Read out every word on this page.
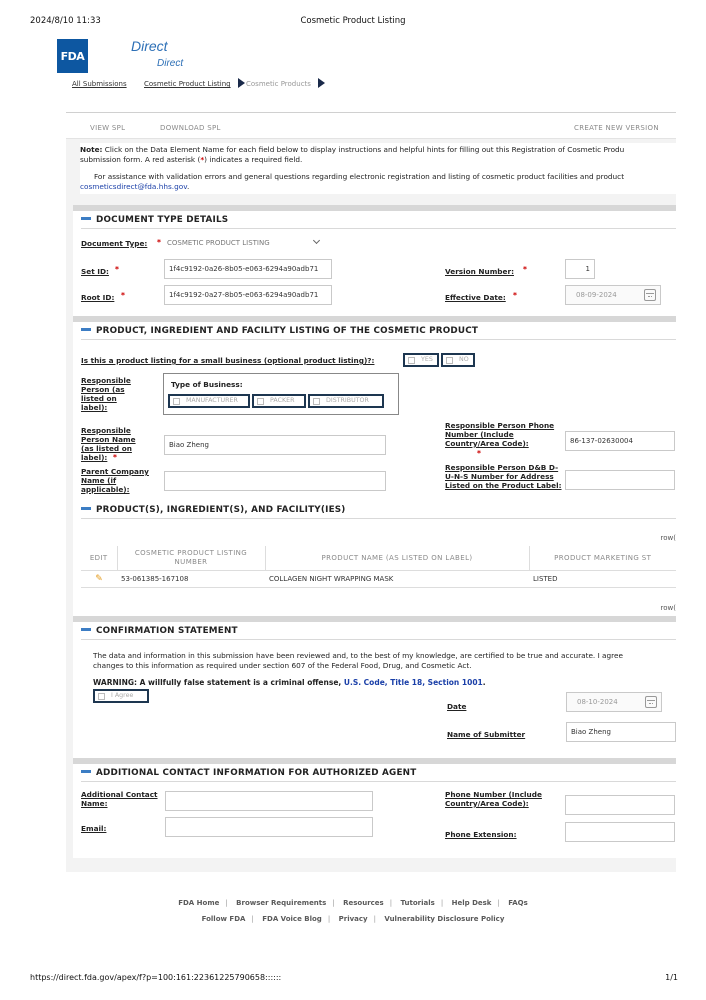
2024/8/10 11:33	Cosmetic Product Listing
FDA
Direct
Direct
All Submissions Cosmetic Product Listing Cosmetic Products
VIEW SPL	DOWNLOAD SPL	CREATE NEW VERSION
Note: Click on the Data Element Name for each field below to display instructions and helpful hints for filling out this Registration of Cosmetic Produ
submission form. A red asterisk (*) indicates a required field.
For assistance with validation errors and general questions regarding electronic registration and listing of cosmetic product facilities and product
cosmeticsdirect@fda.hhs.gov.
DOCUMENT TYPE DETAILS
Document Type: * COSMETIC PRODUCT LISTING
Set ID: *	1f4c9192-0a26-8b05-e063-6294a90adb71	Version Number: *	1
Root ID: *	1f4c9192-0a27-8b05-e063-6294a90adb71	Effective Date: *	08-09-2024
PRODUCT, INGREDIENT AND FACILITY LISTING OF THE COSMETIC PRODUCT
Is this a product listing for a small business (optional product listing)?:	YES	NO
Responsible Person (as listed on label):
Type of Business:
MANUFACTURER	PACKER	DISTRIBUTOR
Responsible Person Name (as listed on label): *
Biao Zheng
Responsible Person Phone Number (Include Country/Area Code):
*
86-137-02630004
Parent Company Name (if applicable):
Responsible Person D&B D-U-N-S Number for Address Listed on the Product Label:
PRODUCT(S), INGREDIENT(S), AND FACILITY(IES)
row(
EDIT	COSMETIC PRODUCT LISTING NUMBER	PRODUCT NAME (AS LISTED ON LABEL)	PRODUCT MARKETING ST
✎	53-061385-167108	COLLAGEN NIGHT WRAPPING MASK	LISTED
row(
CONFIRMATION STATEMENT
The data and information in this submission have been reviewed and, to the best of my knowledge, are certified to be true and accurate. I agree
changes to this information as required under section 607 of the Federal Food, Drug, and Cosmetic Act.
WARNING: A willfully false statement is a criminal offense, U.S. Code, Title 18, Section 1001.
I Agree
Date	08-10-2024
Name of Submitter	Biao Zheng
ADDITIONAL CONTACT INFORMATION FOR AUTHORIZED AGENT
Additional Contact Name:
Email:
Phone Number (Include Country/Area Code):
Phone Extension:
FDA Home | Browser Requirements | Resources | Tutorials | Help Desk | FAQs
Follow FDA | FDA Voice Blog | Privacy | Vulnerability Disclosure Policy
https://direct.fda.gov/apex/f?p=100:161:22361225790658::::::	1/1
